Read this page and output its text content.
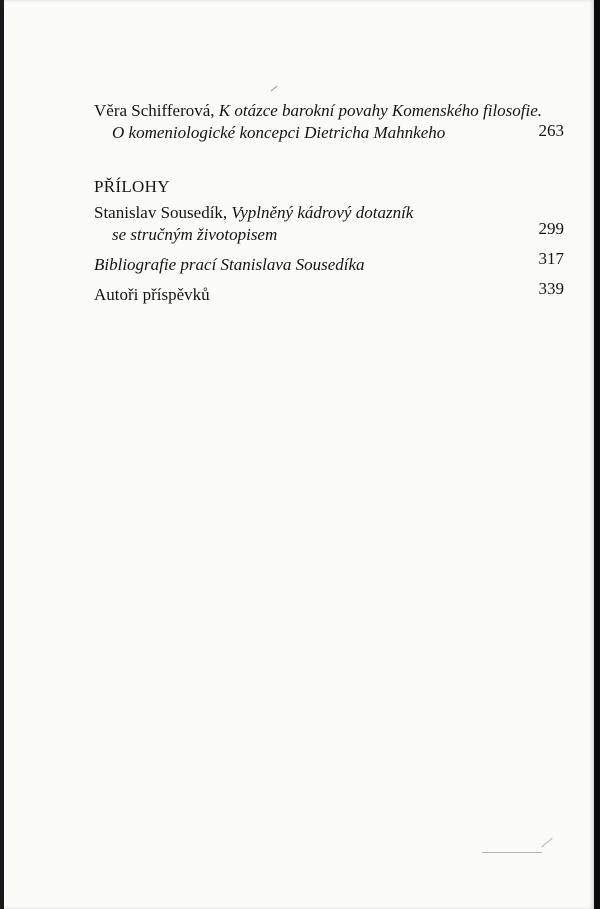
Věra Schifferová, K otázce barokní povahy Komenského filosofie.
O komeniologické koncepci Dietricha Mahnkeho	263
PŘÍLOHY
Stanislav Sousedík, Vyplněný kádrový dotazník
se stručným životopisem	299
Bibliografie prací Stanislava Sousedíka	317
Autoři příspěvků	339
